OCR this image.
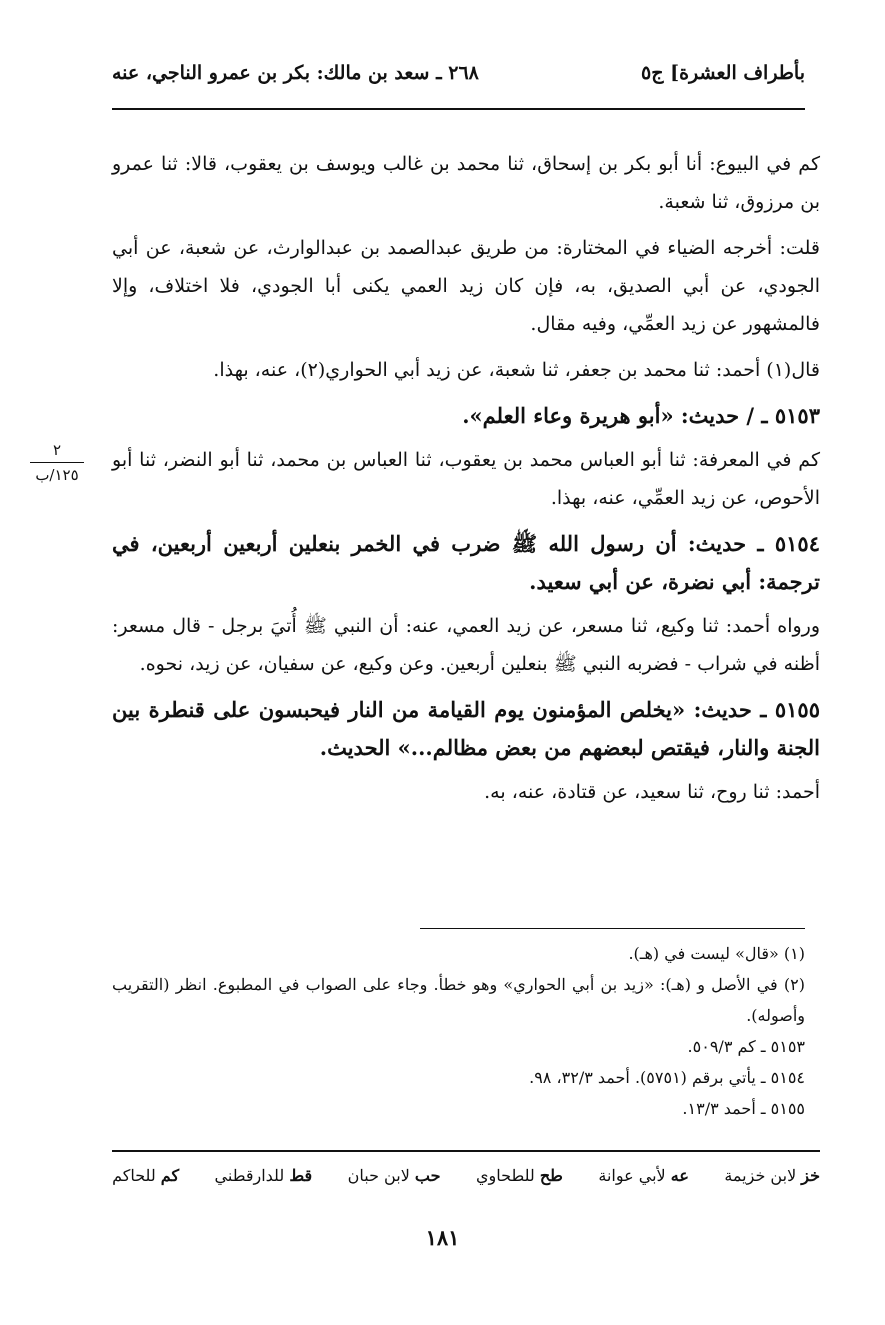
بأطراف العشرة] ج٥
٢٦٨ ـ سعد بن مالك: بكر بن عمرو الناجي، عنه
٢
١٢٥/ب

كم في البيوع: أنا أبو بكر بن إسحاق، ثنا محمد بن غالب ويوسف بن يعقوب، قالا: ثنا عمرو بن مرزوق، ثنا شعبة.

قلت: أخرجه الضياء في المختارة: من طريق عبدالصمد بن عبدالوارث، عن شعبة، عن أبي الجودي، عن أبي الصديق، به، فإن كان زيد العمي يكنى أبا الجودي، فلا اختلاف، وإلا فالمشهور عن زيد العمِّي، وفيه مقال.

قال(١) أحمد: ثنا محمد بن جعفر، ثنا شعبة، عن زيد أبي الحواري(٢)، عنه، بهذا.

٥١٥٣ ـ / حديث: «أبو هريرة وعاء العلم».

كم في المعرفة: ثنا أبو العباس محمد بن يعقوب، ثنا العباس بن محمد، ثنا أبو النضر، ثنا أبو الأحوص، عن زيد العمِّي، عنه، بهذا.

٥١٥٤ ـ حديث: أن رسول الله ﷺ ضرب في الخمر بنعلين أربعين أربعين، في ترجمة: أبي نضرة، عن أبي سعيد.

ورواه أحمد: ثنا وكيع، ثنا مسعر، عن زيد العمي، عنه: أن النبي ﷺ أُتيَ برجل - قال مسعر: أظنه في شراب - فضربه النبي ﷺ بنعلين أربعين. وعن وكيع، عن سفيان، عن زيد، نحوه.

٥١٥٥ ـ حديث: «يخلص المؤمنون يوم القيامة من النار فيحبسون على قنطرة بين الجنة والنار، فيقتص لبعضهم من بعض مظالم...» الحديث.

أحمد: ثنا روح، ثنا سعيد، عن قتادة، عنه، به.

(١) «قال» ليست في (هـ).

(٢) في الأصل و (هـ): «زيد بن أبي الحواري» وهو خطأ. وجاء على الصواب في المطبوع. انظر (التقريب وأصوله).

٥١٥٣ ـ كم ٥٠٩/٣.

٥١٥٤ ـ يأتي برقم (٥٧٥١). أحمد ٣٢/٣، ٩٨.

٥١٥٥ ـ أحمد ١٣/٣.

خز لابن خزيمة
عه لأبي عوانة
طح للطحاوي
حب لابن حبان
قط للدارقطني
كم للحاكم
١٨١
